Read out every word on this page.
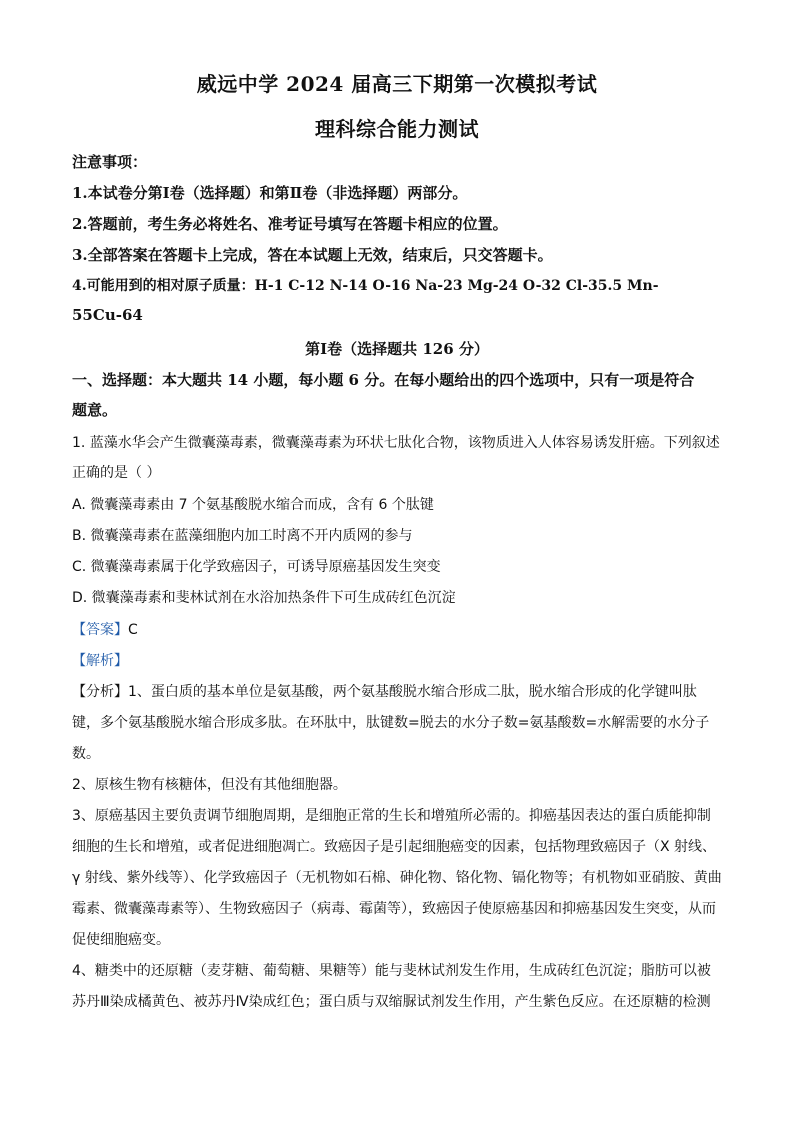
威远中学 2024 届高三下期第一次模拟考试
理科综合能力测试
注意事项：
1.本试卷分第Ⅰ卷（选择题）和第Ⅱ卷（非选择题）两部分。
2.答题前，考生务必将姓名、准考证号填写在答题卡相应的位置。
3.全部答案在答题卡上完成，答在本试题上无效，结束后，只交答题卡。
4.可能用到的相对原子质量：H-1 C-12 N-14 O-16 Na-23 Mg-24 O-32 Cl-35.5 Mn-
55Cu-64
第Ⅰ卷（选择题共 126 分）
一、选择题：本大题共 14 小题，每小题 6 分。在每小题给出的四个选项中，只有一项是符合
题意。
1. 蓝藻水华会产生微囊藻毒素，微囊藻毒素为环状七肽化合物，该物质进入人体容易诱发肝癌。下列叙述
正确的是（ ）
A. 微囊藻毒素由 7 个氨基酸脱水缩合而成，含有 6 个肽键
B. 微囊藻毒素在蓝藻细胞内加工时离不开内质网的参与
C. 微囊藻毒素属于化学致癌因子，可诱导原癌基因发生突变
D. 微囊藻毒素和斐林试剂在水浴加热条件下可生成砖红色沉淀
【答案】C
【解析】
【分析】1、蛋白质的基本单位是氨基酸，两个氨基酸脱水缩合形成二肽，脱水缩合形成的化学键叫肽
键，多个氨基酸脱水缩合形成多肽。在环肽中，肽键数=脱去的水分子数=氨基酸数=水解需要的水分子
数。
2、原核生物有核糖体，但没有其他细胞器。
3、原癌基因主要负责调节细胞周期，是细胞正常的生长和增殖所必需的。抑癌基因表达的蛋白质能抑制
细胞的生长和增殖，或者促进细胞凋亡。致癌因子是引起细胞癌变的因素，包括物理致癌因子（X 射线、
γ 射线、紫外线等）、化学致癌因子（无机物如石棉、砷化物、铬化物、镉化物等；有机物如亚硝胺、黄曲
霉素、微囊藻毒素等）、生物致癌因子（病毒、霉菌等），致癌因子使原癌基因和抑癌基因发生突变，从而
促使细胞癌变。
4、糖类中的还原糖（麦芽糖、葡萄糖、果糖等）能与斐林试剂发生作用，生成砖红色沉淀；脂肪可以被
苏丹Ⅲ染成橘黄色、被苏丹Ⅳ染成红色；蛋白质与双缩脲试剂发生作用，产生紫色反应。在还原糖的检测
